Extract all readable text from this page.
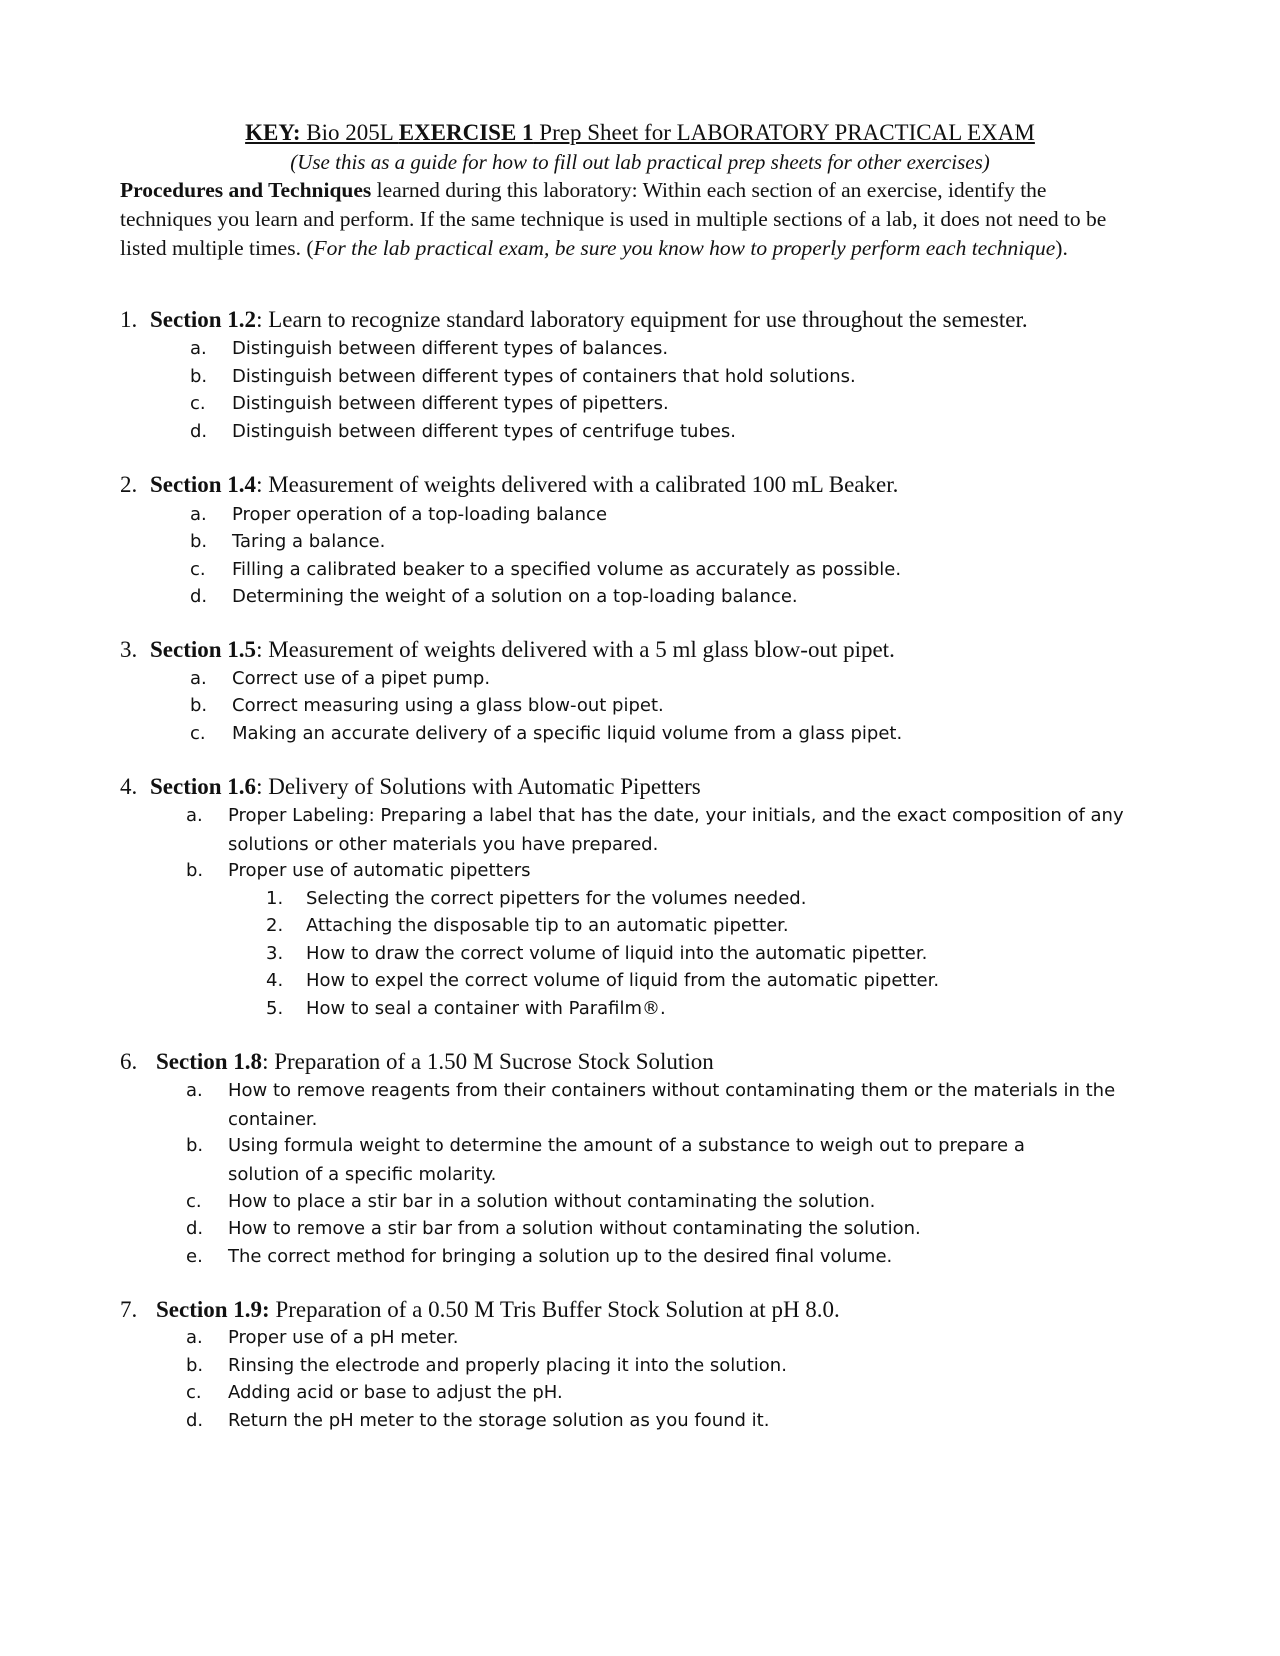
KEY: Bio 205L EXERCISE 1 Prep Sheet for LABORATORY PRACTICAL EXAM
(Use this as a guide for how to fill out lab practical prep sheets for other exercises)
Procedures and Techniques learned during this laboratory: Within each section of an exercise, identify the techniques you learn and perform. If the same technique is used in multiple sections of a lab, it does not need to be listed multiple times. (For the lab practical exam, be sure you know how to properly perform each technique).
1. Section 1.2: Learn to recognize standard laboratory equipment for use throughout the semester.
a.	Distinguish between different types of balances.
b.	Distinguish between different types of containers that hold solutions.
c.	Distinguish between different types of pipetters.
d.	Distinguish between different types of centrifuge tubes.
2. Section 1.4: Measurement of weights delivered with a calibrated 100 mL Beaker.
a.	Proper operation of a top-loading balance
b.	Taring a balance.
c.	Filling a calibrated beaker to a specified volume as accurately as possible.
d.	Determining the weight of a solution on a top-loading balance.
3. Section 1.5: Measurement of weights delivered with a 5 ml glass blow-out pipet.
a.	Correct use of a pipet pump.
b.	Correct measuring using a glass blow-out pipet.
c.	Making an accurate delivery of a specific liquid volume from a glass pipet.
4. Section 1.6: Delivery of Solutions with Automatic Pipetters
a.	Proper Labeling: Preparing a label that has the date, your initials, and the exact composition of any solutions or other materials you have prepared.
b.	Proper use of automatic pipetters
1.	Selecting the correct pipetters for the volumes needed.
2.	Attaching the disposable tip to an automatic pipetter.
3.	How to draw the correct volume of liquid into the automatic pipetter.
4.	How to expel the correct volume of liquid from the automatic pipetter.
5.	How to seal a container with Parafilm®.
6. Section 1.8: Preparation of a 1.50 M Sucrose Stock Solution
a.	How to remove reagents from their containers without contaminating them or the materials in the container.
b.	Using formula weight to determine the amount of a substance to weigh out to prepare a solution of a specific molarity.
c.	How to place a stir bar in a solution without contaminating the solution.
d.	How to remove a stir bar from a solution without contaminating the solution.
e.	The correct method for bringing a solution up to the desired final volume.
7. Section 1.9: Preparation of a 0.50 M Tris Buffer Stock Solution at pH 8.0.
a.	Proper use of a pH meter.
b.	Rinsing the electrode and properly placing it into the solution.
c.	Adding acid or base to adjust the pH.
d.	Return the pH meter to the storage solution as you found it.
